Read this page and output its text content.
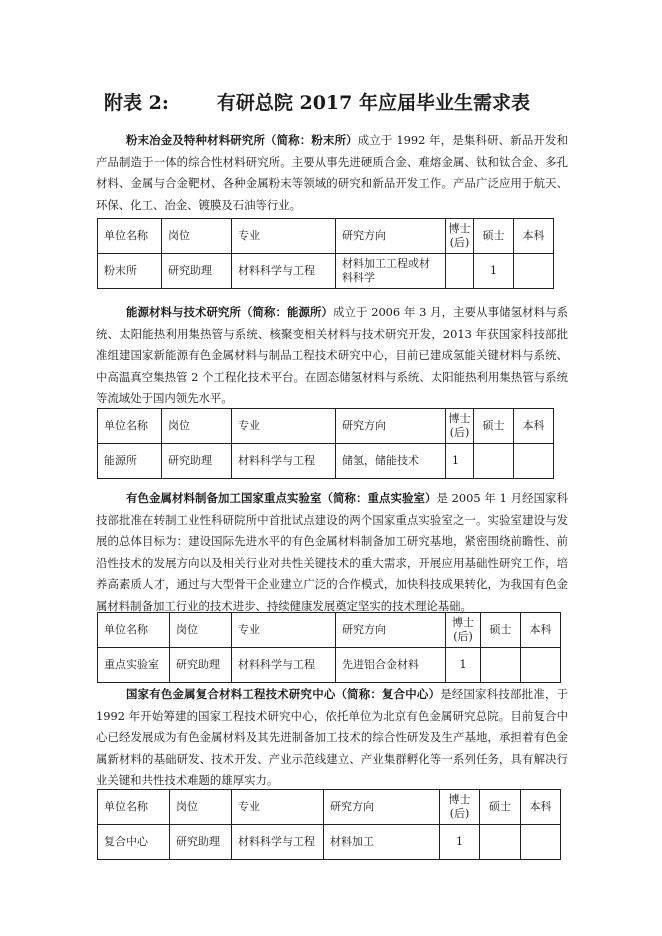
附表 2:	有研总院 2017 年应届毕业生需求表
粉末冶金及特种材料研究所（简称：粉末所）成立于 1992 年，是集科研、新品开发和产品制造于一体的综合性材料研究所。主要从事先进硬质合金、难熔金属、钛和钛合金、多孔材料、金属与合金靶材、各种金属粉末等领域的研究和新品开发工作。产品广泛应用于航天、环保、化工、冶金、镀膜及石油等行业。
单位名称	岗位	专业	研究方向	博士(后)	硕士	本科
粉末所	研究助理	材料科学与工程	材料加工工程或材料科学		1	
能源材料与技术研究所（简称：能源所）成立于 2006 年 3 月，主要从事储氢材料与系统、太阳能热利用集热管与系统、核聚变相关材料与技术研究开发，2013 年获国家科技部批准组建国家新能源有色金属材料与制品工程技术研究中心，目前已建成氢能关键材料与系统、中高温真空集热管 2 个工程化技术平台。在固态储氢材料与系统、太阳能热利用集热管与系统等流域处于国内领先水平。
单位名称	岗位	专业	研究方向	博士(后)	硕士	本科
能源所	研究助理	材料科学与工程	储氢，储能技术	1		
有色金属材料制备加工国家重点实验室（简称：重点实验室）是 2005 年 1 月经国家科技部批准在转制工业性科研院所中首批试点建设的两个国家重点实验室之一。实验室建设与发展的总体目标为：建设国际先进水平的有色金属材料制备加工研究基地，紧密围绕前瞻性、前沿性技术的发展方向以及相关行业对共性关键技术的重大需求，开展应用基础性研究工作，培养高素质人才，通过与大型骨干企业建立广泛的合作模式，加快科技成果转化，为我国有色金属材料制备加工行业的技术进步、持续健康发展奠定坚实的技术理论基础。
单位名称	岗位	专业	研究方向	博士(后)	硕士	本科
重点实验室	研究助理	材料科学与工程	先进铝合金材料	1		
国家有色金属复合材料工程技术研究中心（简称：复合中心）是经国家科技部批准，于 1992 年开始筹建的国家工程技术研究中心，依托单位为北京有色金属研究总院。目前复合中心已经发展成为有色金属材料及其先进制备加工技术的综合性研发及生产基地，承担着有色金属新材料的基础研发、技术开发、产业示范线建立、产业集群孵化等一系列任务，具有解决行业关键和共性技术难题的雄厚实力。
单位名称	岗位	专业	研究方向	博士(后)	硕士	本科
复合中心	研究助理	材料科学与工程	材料加工	1		
